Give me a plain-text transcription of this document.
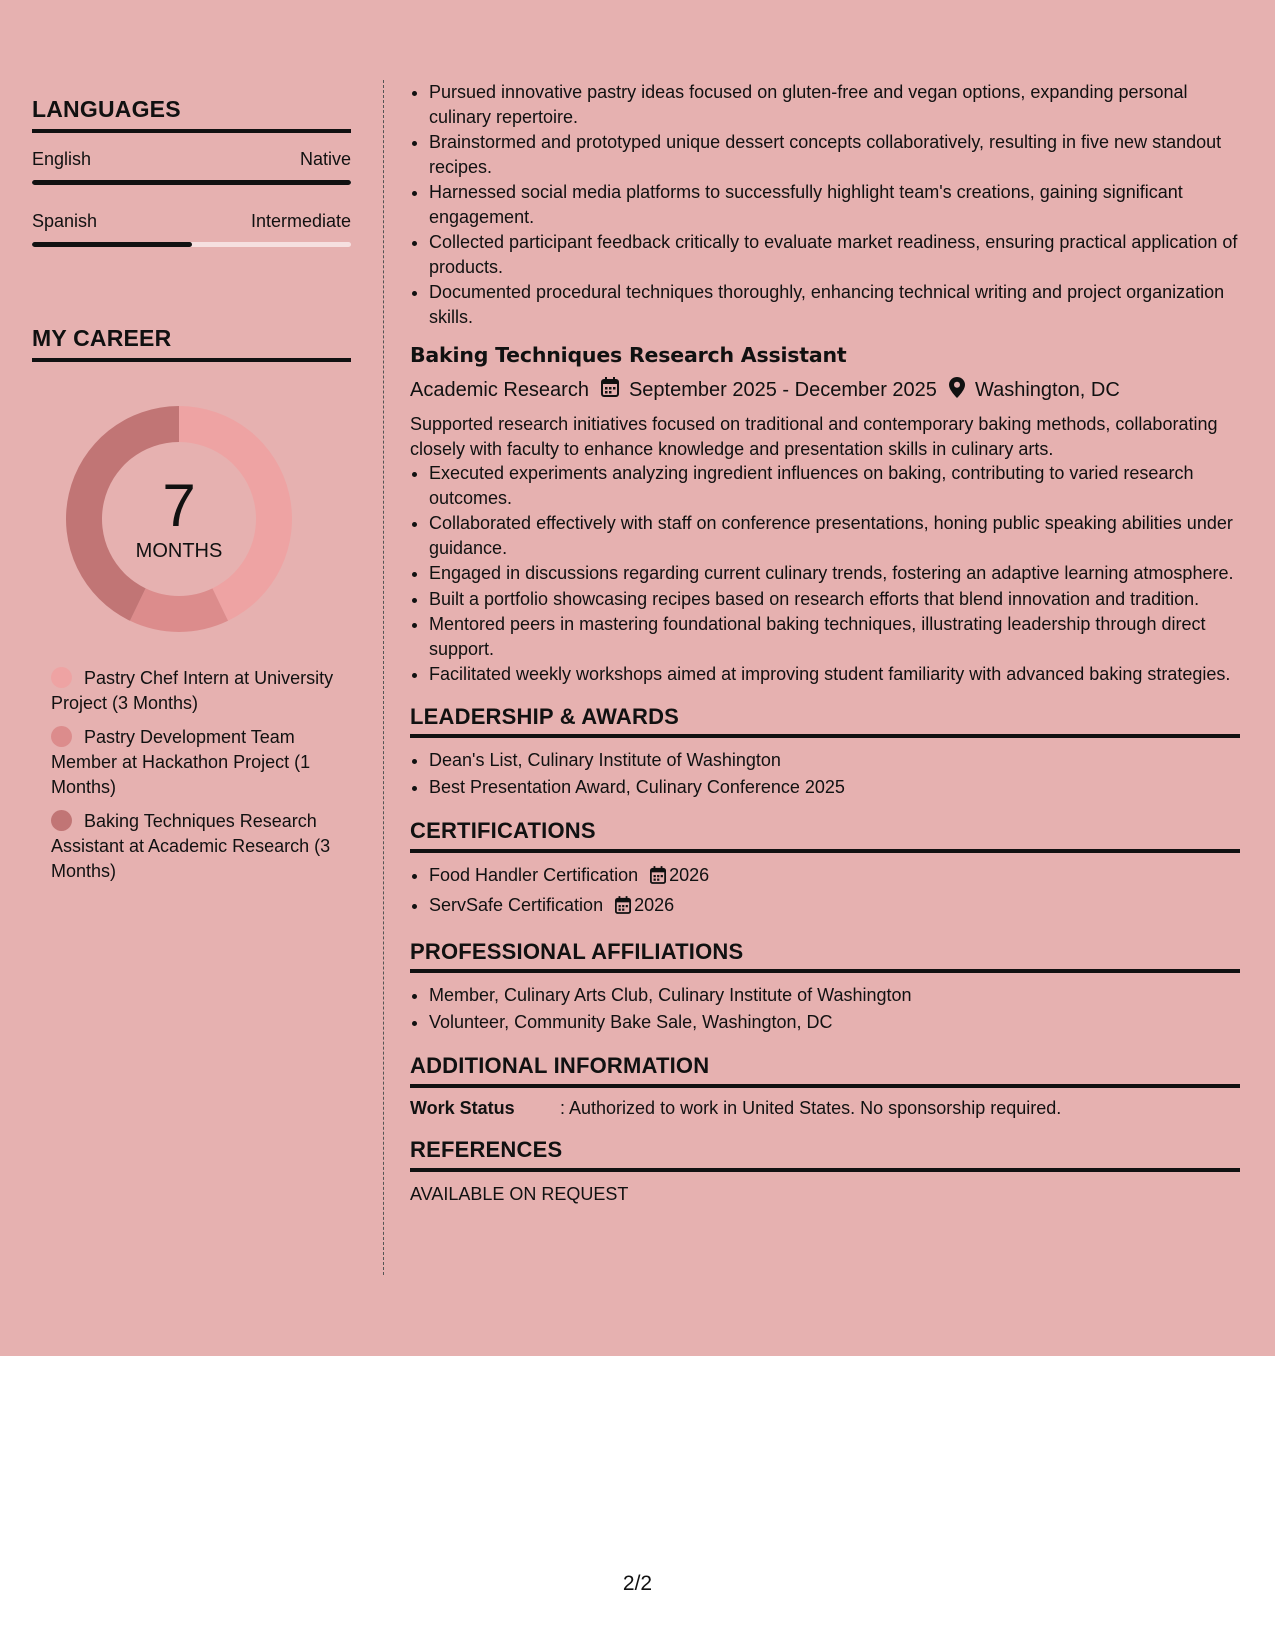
LANGUAGES
English	Native
Spanish	Intermediate
MY CAREER
7
MONTHS
Pastry Chef Intern at University Project (3 Months)
Pastry Development Team Member at Hackathon Project (1 Months)
Baking Techniques Research Assistant at Academic Research (3 Months)
• Pursued innovative pastry ideas focused on gluten-free and vegan options, expanding personal culinary repertoire.
• Brainstormed and prototyped unique dessert concepts collaboratively, resulting in five new standout recipes.
• Harnessed social media platforms to successfully highlight team's creations, gaining significant engagement.
• Collected participant feedback critically to evaluate market readiness, ensuring practical application of products.
• Documented procedural techniques thoroughly, enhancing technical writing and project organization skills.
Baking Techniques Research Assistant
Academic Research September 2025 - December 2025 Washington, DC
Supported research initiatives focused on traditional and contemporary baking methods, collaborating closely with faculty to enhance knowledge and presentation skills in culinary arts.
• Executed experiments analyzing ingredient influences on baking, contributing to varied research outcomes.
• Collaborated effectively with staff on conference presentations, honing public speaking abilities under guidance.
• Engaged in discussions regarding current culinary trends, fostering an adaptive learning atmosphere.
• Built a portfolio showcasing recipes based on research efforts that blend innovation and tradition.
• Mentored peers in mastering foundational baking techniques, illustrating leadership through direct support.
• Facilitated weekly workshops aimed at improving student familiarity with advanced baking strategies.
LEADERSHIP & AWARDS
• Dean's List, Culinary Institute of Washington
• Best Presentation Award, Culinary Conference 2025
CERTIFICATIONS
• Food Handler Certification 2026
• ServSafe Certification 2026
PROFESSIONAL AFFILIATIONS
• Member, Culinary Arts Club, Culinary Institute of Washington
• Volunteer, Community Bake Sale, Washington, DC
ADDITIONAL INFORMATION
Work Status	: Authorized to work in United States. No sponsorship required.
REFERENCES
AVAILABLE ON REQUEST
2/2
